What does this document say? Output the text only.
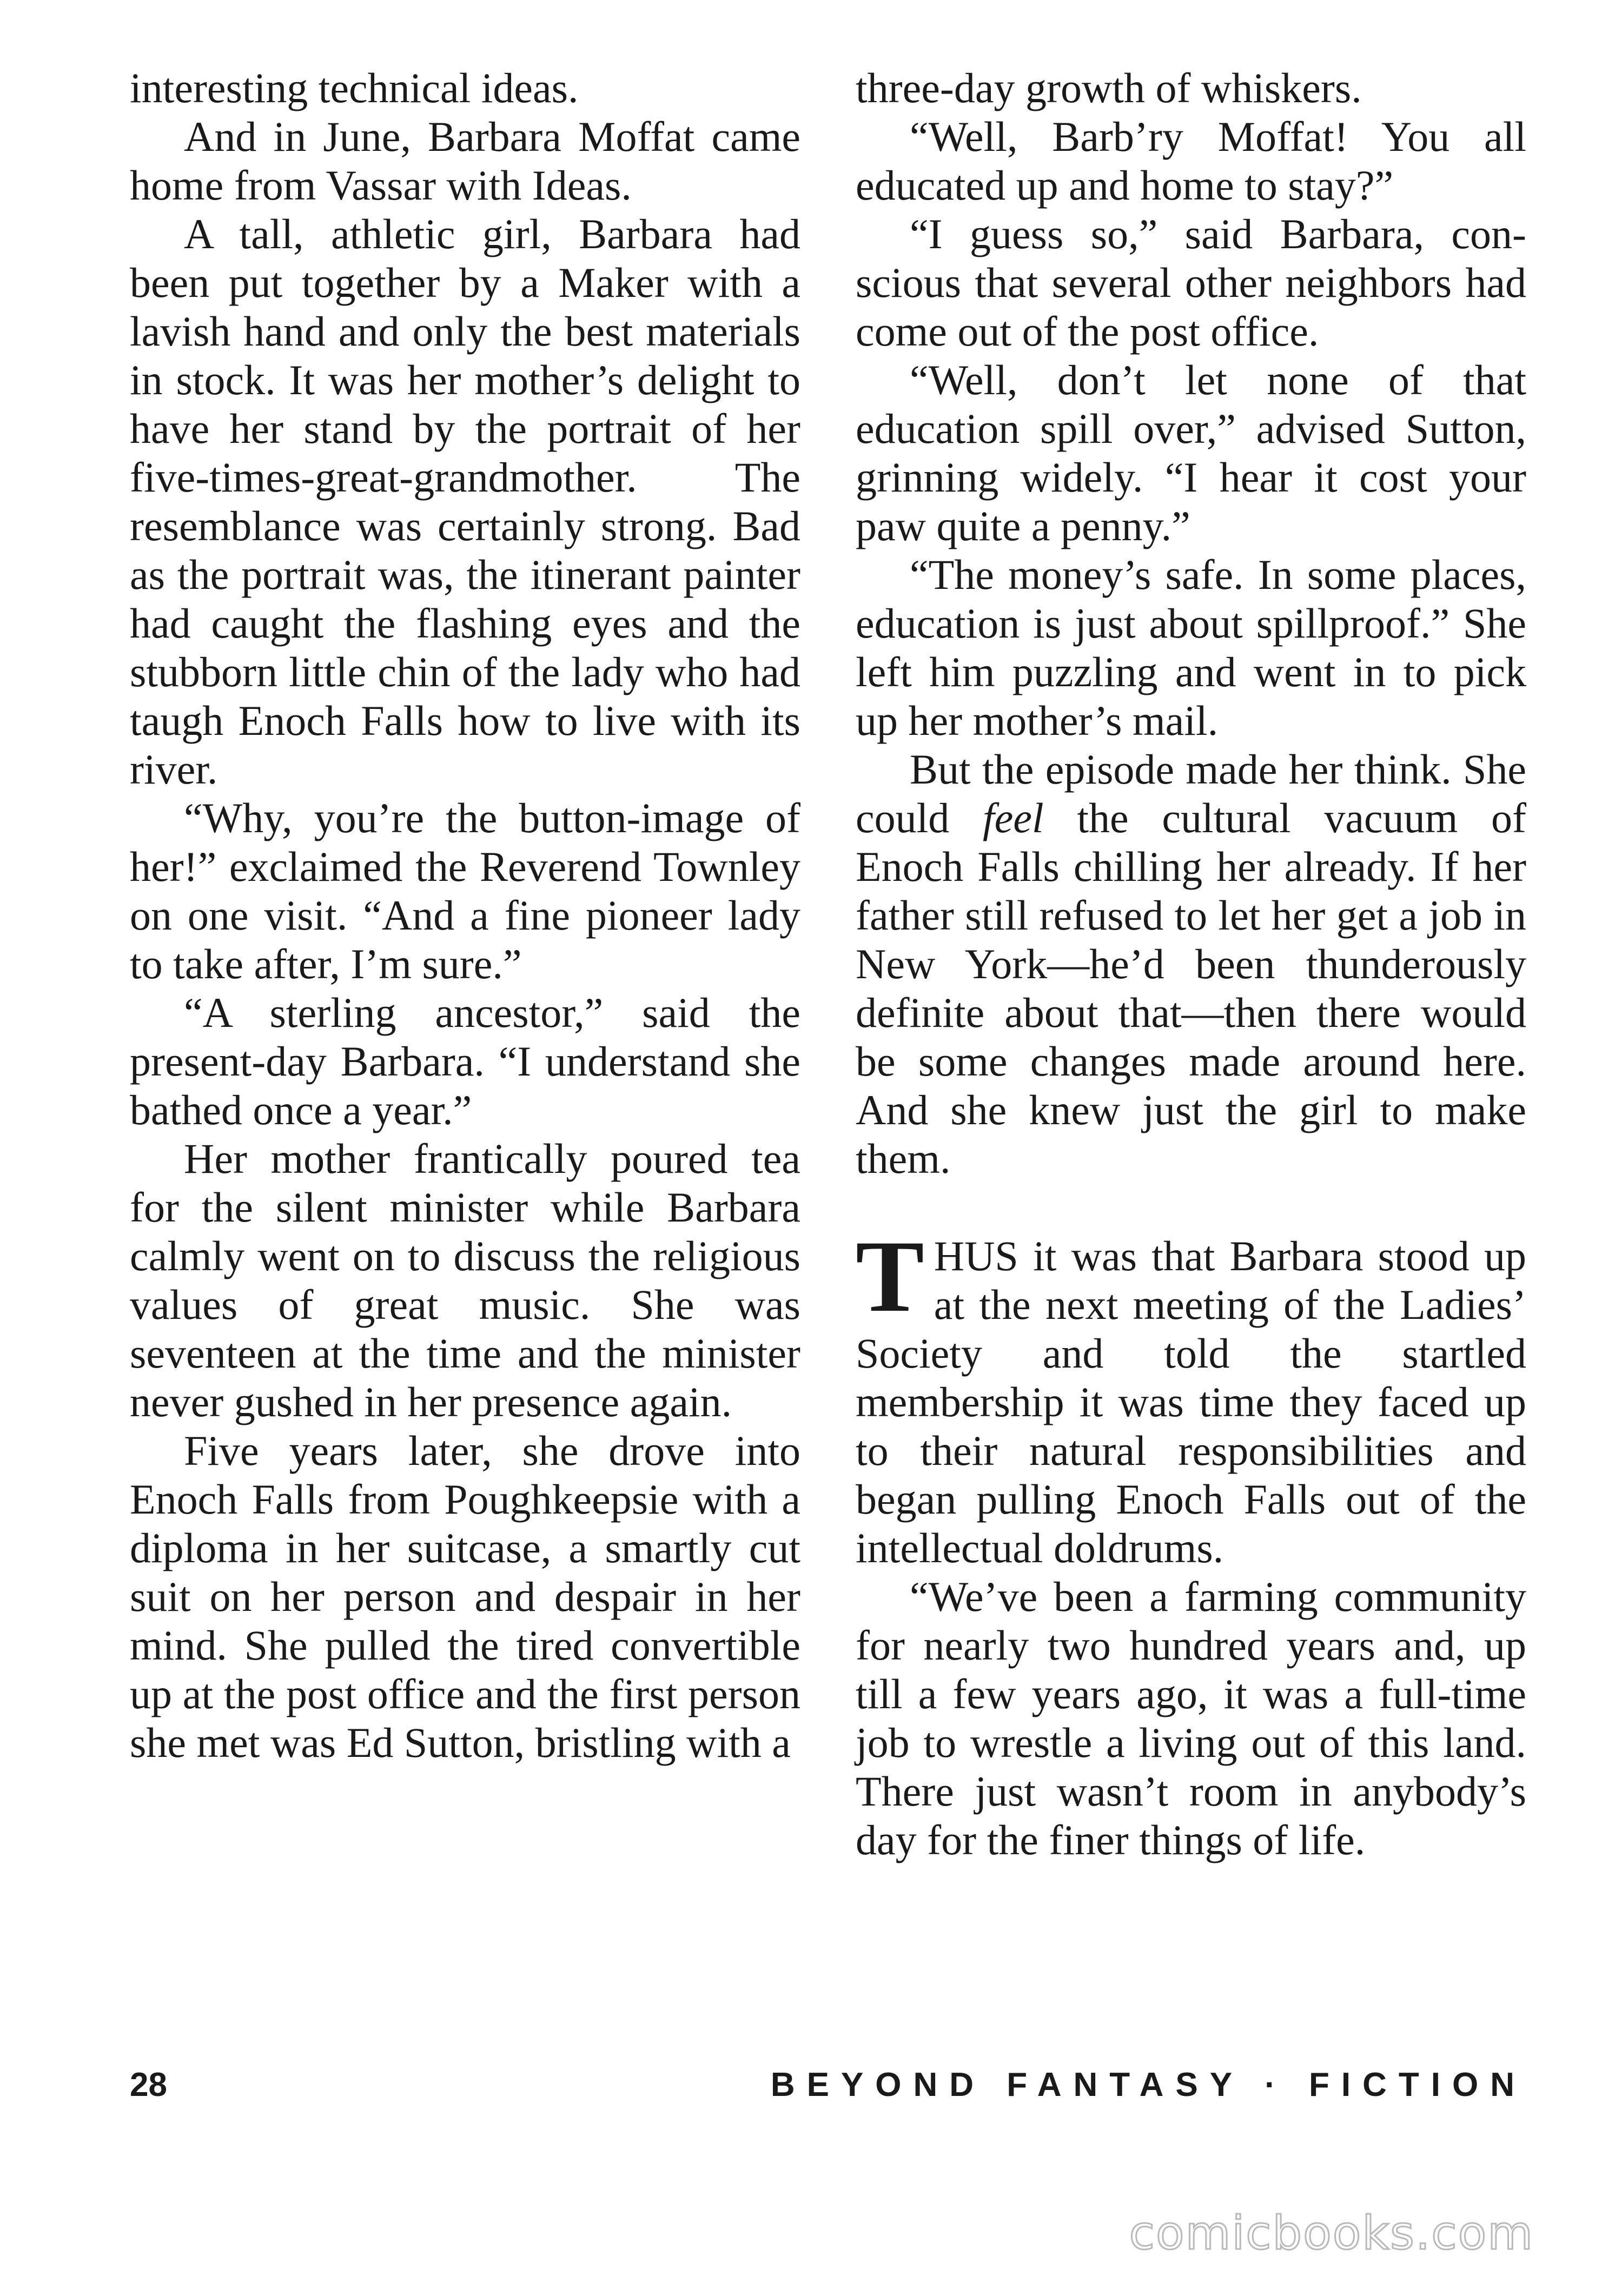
interesting technical ideas.

And in June, Barbara Moffat came home from Vassar with Ideas.

A tall, athletic girl, Barbara had been put together by a Maker with a lavish hand and only the best materials in stock. It was her mother’s delight to have her stand by the portrait of her five-times-great-grandmother. The resemblance was certainly strong. Bad as the portrait was, the itinerant painter had caught the flashing eyes and the stubborn little chin of the lady who had taugh Enoch Falls how to live with its river.

“Why, you’re the button-image of her!” exclaimed the Reverend Townley on one visit. “And a fine pioneer lady to take after, I’m sure.”

“A sterling ancestor,” said the present-day Barbara. “I understand she bathed once a year.”

Her mother frantically poured tea for the silent minister while Barbara calmly went on to discuss the religious values of great music. She was seventeen at the time and the minister never gushed in her presence again.

Five years later, she drove into Enoch Falls from Poughkeepsie with a diploma in her suitcase, a smartly cut suit on her person and despair in her mind. She pulled the tired convertible up at the post office and the first person she met was Ed Sutton, bristling with a

three-day growth of whiskers.

“Well, Barb’ry Moffat! You all educated up and home to stay?”

“I guess so,” said Barbara, conscious that several other neighbors had come out of the post office.

“Well, don’t let none of that education spill over,” advised Sutton, grinning widely. “I hear it cost your paw quite a penny.”

“The money’s safe. In some places, education is just about spillproof.” She left him puzzling and went in to pick up her mother’s mail.

But the episode made her think. She could feel the cultural vacuum of Enoch Falls chilling her already. If her father still refused to let her get a job in New York—he’d been thunderously definite about that—then there would be some changes made around here. And she knew just the girl to make them.

THUS it was that Barbara stood up at the next meeting of the Ladies’ Society and told the startled membership it was time they faced up to their natural responsibilities and began pulling Enoch Falls out of the intellectual doldrums.

“We’ve been a farming community for nearly two hundred years and, up till a few years ago, it was a full-time job to wrestle a living out of this land. There just wasn’t room in anybody’s day for the finer things of life.

28	BEYOND FANTASY · FICTION
comicbooks.com
